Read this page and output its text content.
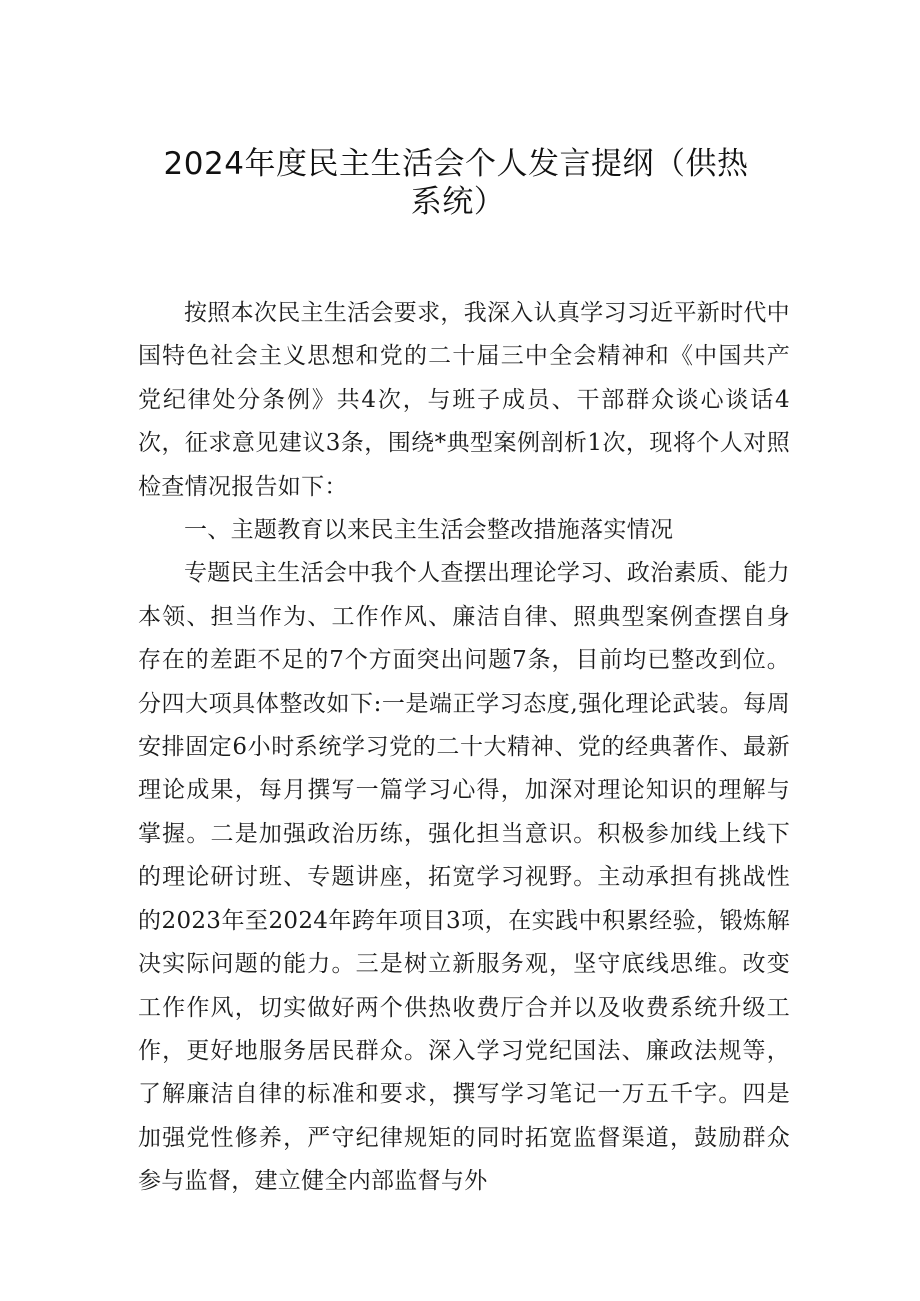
2024年度民主生活会个人发言提纲（供热
系统）

按照本次民主生活会要求，我深入认真学习习近平新时代中国特色社会主义思想和党的二十届三中全会精神和《中国共产党纪律处分条例》共4次，与班子成员、干部群众谈心谈话4次，征求意见建议3条，围绕*典型案例剖析1次，现将个人对照检查情况报告如下：

一、主题教育以来民主生活会整改措施落实情况

专题民主生活会中我个人查摆出理论学习、政治素质、能力本领、担当作为、工作作风、廉洁自律、照典型案例查摆自身存在的差距不足的7个方面突出问题7条，目前均已整改到位。分四大项具体整改如下:一是端正学习态度,强化理论武装。每周安排固定6小时系统学习党的二十大精神、党的经典著作、最新理论成果，每月撰写一篇学习心得，加深对理论知识的理解与掌握。二是加强政治历练，强化担当意识。积极参加线上线下的理论研讨班、专题讲座，拓宽学习视野。主动承担有挑战性的2023年至2024年跨年项目3项，在实践中积累经验，锻炼解决实际问题的能力。三是树立新服务观，坚守底线思维。改变工作作风，切实做好两个供热收费厅合并以及收费系统升级工作，更好地服务居民群众。深入学习党纪国法、廉政法规等，了解廉洁自律的标准和要求，撰写学习笔记一万五千字。四是加强党性修养，严守纪律规矩的同时拓宽监督渠道，鼓励群众参与监督，建立健全内部监督与外
